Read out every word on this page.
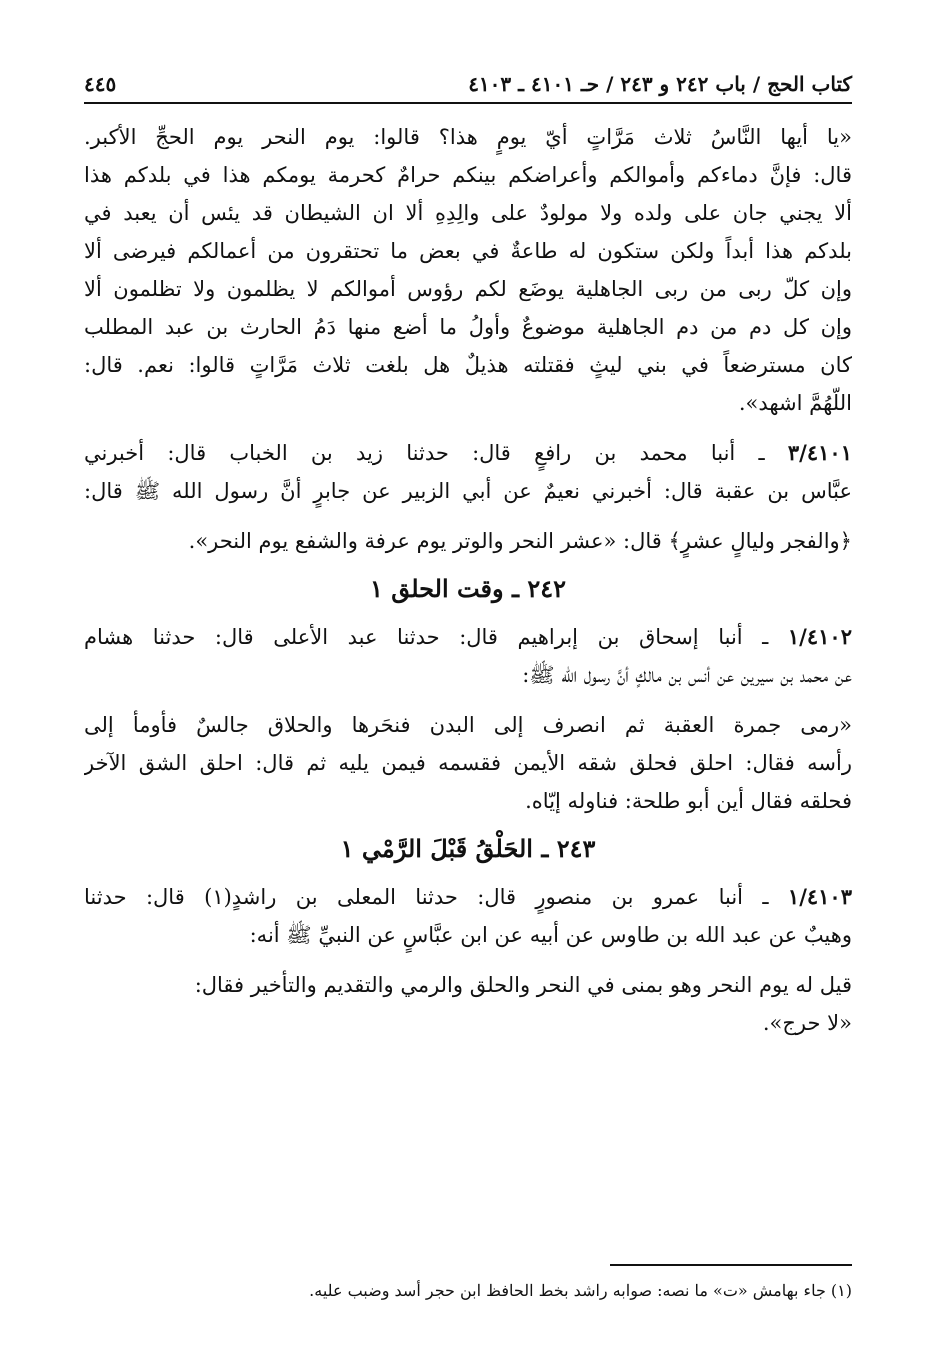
كتاب الحج / باب ٢٤٢ و ٢٤٣ / حـ ٤١٠١ ـ ٤١٠٣
٤٤٥
«يا أيها النَّاسُ ثلاث مَرَّاتٍ أيّ يومٍ هذا؟ قالوا: يوم النحر يوم الحجِّ الأكبر.
قال: فإنَّ دماءكم وأموالكم وأعراضكم بينكم حرامٌ كحرمة يومكم هذا في بلدكم هذا
ألا يجني جان على ولده ولا مولودٌ على والِدِهِ ألا ان الشيطان قد يئس أن يعبد في
بلدكم هذا أبداً ولكن ستكون له طاعةٌ في بعض ما تحتقرون من أعمالكم فيرضى ألا
وإن كلّ ربى من ربى الجاهلية يوضَع لكم رؤوس أموالكم لا يظلمون ولا تظلمون ألا
وإن كل دم من دم الجاهلية موضوعٌ وأولُ ما أضع منها دَمُ الحارث بن عبد المطلب
كان مسترضعاً في بني ليثٍ فقتلته هذيلٌ هل بلغت ثلاث مَرَّاتٍ قالوا: نعم. قال:
اللّهُمَّ اشهد».
٣/٤١٠١ ـ أنبا محمد بن رافعٍ قال: حدثنا زيد بن الخباب قال: أخبرني
عبَّاس بن عقبة قال: أخبرني نعيمٌ عن أبي الزبير عن جابرٍ أنَّ رسول الله ﷺ قال:
﴿والفجر وليالٍ عشرٍ﴾ قال: «عشر النحر والوتر يوم عرفة والشفع يوم النحر».
٢٤٢ ـ وقت الحلق ١
١/٤١٠٢ ـ أنبا إسحاق بن إبراهيم قال: حدثنا عبد الأعلى قال: حدثنا هشام
عن محمد بن سيرين عن أنس بن مالكٍ أنَّ رسول الله ﷺ:
«رمى جمرة العقبة ثم انصرف إلى البدن فنحَرها والحلاق جالسٌ فأومأ إلى
رأسه فقال: احلق فحلق شقه الأيمن فقسمه فيمن يليه ثم قال: احلق الشق الآخر
فحلقه فقال أين أبو طلحة: فناوله إيّاه.
٢٤٣ ـ الحَلْقُ قَبْلَ الرَّمْي ١
١/٤١٠٣ ـ أنبا عمرو بن منصورٍ قال: حدثنا المعلى بن راشدٍ(١) قال: حدثنا
وهيبٌ عن عبد الله بن طاوس عن أبيه عن ابن عبَّاسٍ عن النبيِّ ﷺ أنه:
قيل له يوم النحر وهو بمنى في النحر والحلق والرمي والتقديم والتأخير فقال:
«لا حرج».
(١) جاء بهامش «ت» ما نصه: صوابه راشد بخط الحافظ ابن حجر أسد وضبب عليه.
